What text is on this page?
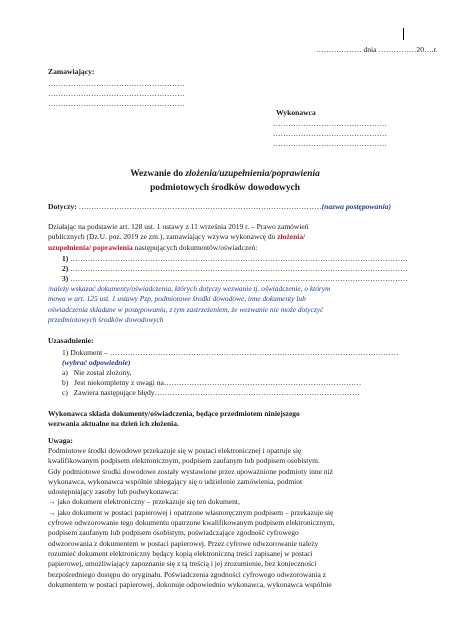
……………… dnia ……………20….r.
Zamawiający:
………………………………………………
………………………………………………
………………………………………………
Wykonawca
………………………………………
………………………………………
………………………………………
Wezwanie do złożenia/uzupełnienia/poprawienia
podmiotowych środków dowodowych
Dotyczy: ……………………………………………………………………………………(nazwa postępowania)
Działając na podstawie art. 128 ust. 1 ustawy z 11 września 2019 r. – Prawo zamówień
publicznych (Dz.U. poz. 2019 ze zm.), zamawiający wzywa wykonawcę do złożenia/
uzupełnienia/ poprawienia następujących dokumentów/oświadczeń:
1) ………………………………………………………………………………………………………………………
2) ………………………………………………………………………………………………………………………
3) ………………………………………………………………………………………………………………………
/należy wskazać dokumenty/oświadczenia, których dotyczy wezwanie tj. oświadczenie, o którym
mowa w art. 125 ust. 1 ustawy Pzp, podmiotowe środki dowodowe, inne dokumenty lub
oświadczenia składane w postępowaniu, z tym zastrzeżeniem, że wezwanie nie może dotyczyć
przedmiotowych środków dowodowych
Uzasadnienie:
1) Dokument – ……………………………………………………………………………………………………
(wybrać odpowiednie)
a) Nie został złożony,
b) Jest niekompletny z uwagi na……………………………………………………………………
c) Zawiera następujące błędy………………………………………………………………………
Wykonawca składa dokumenty/oświadczenia, będące przedmiotem niniejszego
wezwania aktualne na dzień ich złożenia.
Uwaga:
Podmiotowe środki dowodowe przekazuje się w postaci elektronicznej i opatruje się
kwalifikowanym podpisem elektronicznym, podpisem zaufanym lub podpisem osobistym.
Gdy podmiotowe środki dowodowe zostały wystawione przez upoważnione podmioty inne niż
wykonawca, wykonawca wspólnie ubiegający się o udzielenie zamówienia, podmiot
udostępniający zasoby lub podwykonawca:
→ jako dokument elektroniczny – przekazuje się ten dokument,
→ jako dokument w postaci papierowej i opatrzone własnoręcznym podpisem – przekazuje się
cyfrowe odwzorowanie tego dokumentu opatrzone kwalifikowanym podpisem elektronicznym,
podpisem zaufanym lub podpisem osobistym, poświadczające zgodność cyfrowego
odwzorowania z dokumentem w postaci papierowej. Przez cyfrowe odwzorowanie należy
rozumieć dokument elektroniczny będący kopią elektroniczną treści zapisanej w postaci
papierowej, umożliwiający zapoznanie się z tą treścią i jej zrozumienie, bez konieczności
bezpośredniego dostępu do oryginału. Poświadczenia zgodności cyfrowego odwzorowania z
dokumentem w postaci papierowej, dokonuje odpowiednio wykonawca, wykonawca wspólnie
